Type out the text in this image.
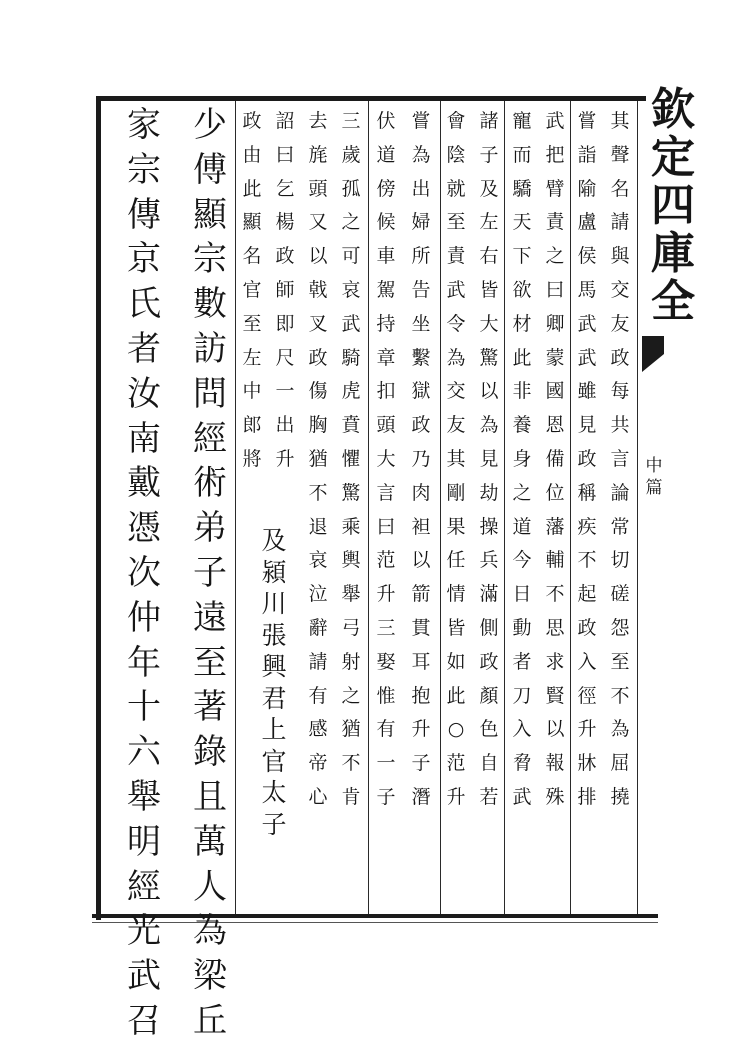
欽
定
四
庫
全
中
篇
其
聲
名
請
與
交
友
政
每
共
言
論
常
切
磋
怨
至
不
為
屈
撓
嘗
詣
隃
盧
侯
馬
武
武
雖
見
政
稱
疾
不
起
政
入
徑
升
牀
排
武
把
臂
責
之
曰
卿
蒙
國
恩
備
位
藩
輔
不
思
求
賢
以
報
殊
寵
而
驕
天
下
欲
材
此
非
養
身
之
道
今
日
動
者
刀
入
脅
武
諸
子
及
左
右
皆
大
驚
以
為
見
劫
操
兵
滿
側
政
顏
色
自
若
會
陰
就
至
責
武
令
為
交
友
其
剛
果
任
情
皆
如
此
○
范
升
嘗
為
出
婦
所
告
坐
繫
獄
政
乃
肉
袒
以
箭
貫
耳
抱
升
子
潛
伏
道
傍
候
車
駕
持
章
扣
頭
大
言
曰
范
升
三
娶
惟
有
一
子
三
歲
孤
之
可
哀
武
騎
虎
賁
懼
驚
乘
輿
舉
弓
射
之
猶
不
肯
去
旄
頭
又
以
戟
叉
政
傷
胸
猶
不
退
哀
泣
辭
請
有
感
帝
心
詔
曰
乞
楊
政
師
即
尺
一
出
升
政
由
此
顯
名
官
至
左
中
郎
將
及
潁
川
張
興
君
上
官
太
子
少
傅
顯
宗
數
訪
問
經
術
弟
子
遠
至
著
錄
且
萬
人
為
梁
丘
家
宗
傳
京
氏
者
汝
南
戴
憑
次
仲
年
十
六
舉
明
經
光
武
召
